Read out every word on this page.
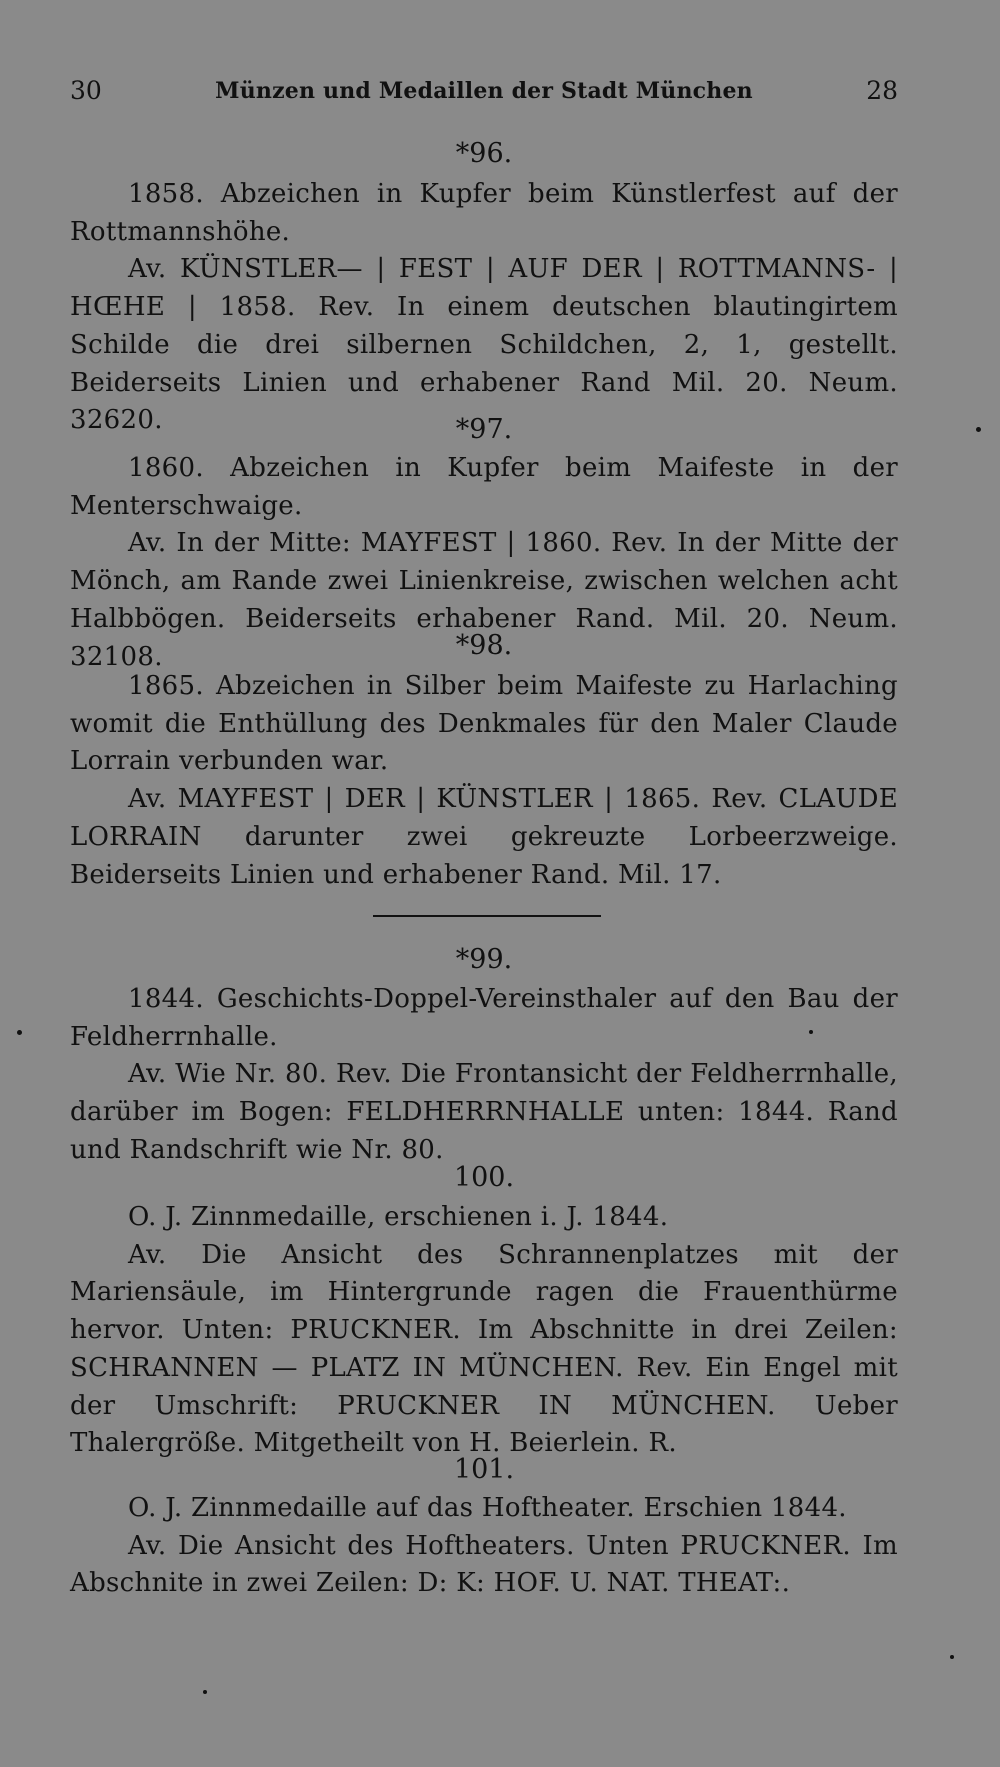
30	Münzen und Medaillen der Stadt München	28

*96.

1858. Abzeichen in Kupfer beim Künstlerfest auf der Rottmannshöhe.

Av. KÜNSTLER— | FEST | AUF DER | ROTTMANNS- | HŒHE | 1858. Rev. In einem deutschen blautingirtem Schilde die drei silbernen Schildchen, 2, 1, gestellt. Beiderseits Linien und erhabener Rand Mil. 20. Neum. 32620.	*97.

1860. Abzeichen in Kupfer beim Maifeste in der Menterschwaige.

Av. In der Mitte: MAYFEST | 1860. Rev. In der Mitte der Mönch, am Rande zwei Linienkreise, zwischen welchen acht Halbbögen. Beiderseits erhabener Rand. Mil. 20. Neum. 32108.	*98.

1865. Abzeichen in Silber beim Maifeste zu Harlaching womit die Enthüllung des Denkmales für den Maler Claude Lorrain verbunden war.

Av. MAYFEST | DER | KÜNSTLER | 1865. Rev. CLAUDE LORRAIN darunter zwei gekreuzte Lorbeerzweige. Beiderseits Linien und erhabener Rand. Mil. 17.

*99.

1844. Geschichts-Doppel-Vereinsthaler auf den Bau der Feldherrnhalle.

Av. Wie Nr. 80. Rev. Die Frontansicht der Feldherrnhalle, darüber im Bogen: FELDHERRNHALLE unten: 1844. Rand und Randschrift wie Nr. 80.

100.

O. J. Zinnmedaille, erschienen i. J. 1844.

Av. Die Ansicht des Schrannenplatzes mit der Mariensäule, im Hintergrunde ragen die Frauenthürme hervor. Unten: PRUCKNER. Im Abschnitte in drei Zeilen: SCHRANNEN — PLATZ IN MÜNCHEN. Rev. Ein Engel mit der Umschrift: PRUCKNER IN MÜNCHEN. Ueber Thalergröße. Mitgetheilt von H. Beierlein. R.

101.

O. J. Zinnmedaille auf das Hoftheater. Erschien 1844.

Av. Die Ansicht des Hoftheaters. Unten PRUCKNER. Im Abschnite in zwei Zeilen: D: K: HOF. U. NAT. THEAT:.
